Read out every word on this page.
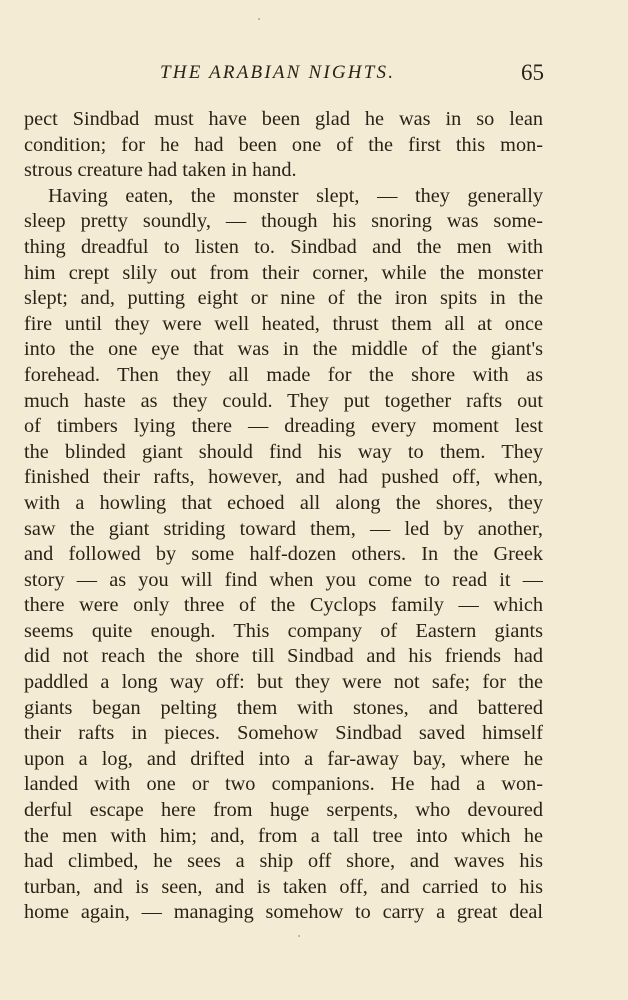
THE ARABIAN NIGHTS.	65
pect Sindbad must have been glad he was in so lean
condition; for he had been one of the first this mon-
strous creature had taken in hand.
Having eaten, the monster slept, — they generally
sleep pretty soundly, — though his snoring was some-
thing dreadful to listen to. Sindbad and the men with
him crept slily out from their corner, while the monster
slept; and, putting eight or nine of the iron spits in the
fire until they were well heated, thrust them all at once
into the one eye that was in the middle of the giant's
forehead. Then they all made for the shore with as
much haste as they could. They put together rafts out
of timbers lying there — dreading every moment lest
the blinded giant should find his way to them. They
finished their rafts, however, and had pushed off, when,
with a howling that echoed all along the shores, they
saw the giant striding toward them, — led by another,
and followed by some half-dozen others. In the Greek
story — as you will find when you come to read it —
there were only three of the Cyclops family — which
seems quite enough. This company of Eastern giants
did not reach the shore till Sindbad and his friends had
paddled a long way off: but they were not safe; for the
giants began pelting them with stones, and battered
their rafts in pieces. Somehow Sindbad saved himself
upon a log, and drifted into a far-away bay, where he
landed with one or two companions. He had a won-
derful escape here from huge serpents, who devoured
the men with him; and, from a tall tree into which he
had climbed, he sees a ship off shore, and waves his
turban, and is seen, and is taken off, and carried to his
home again, — managing somehow to carry a great deal
